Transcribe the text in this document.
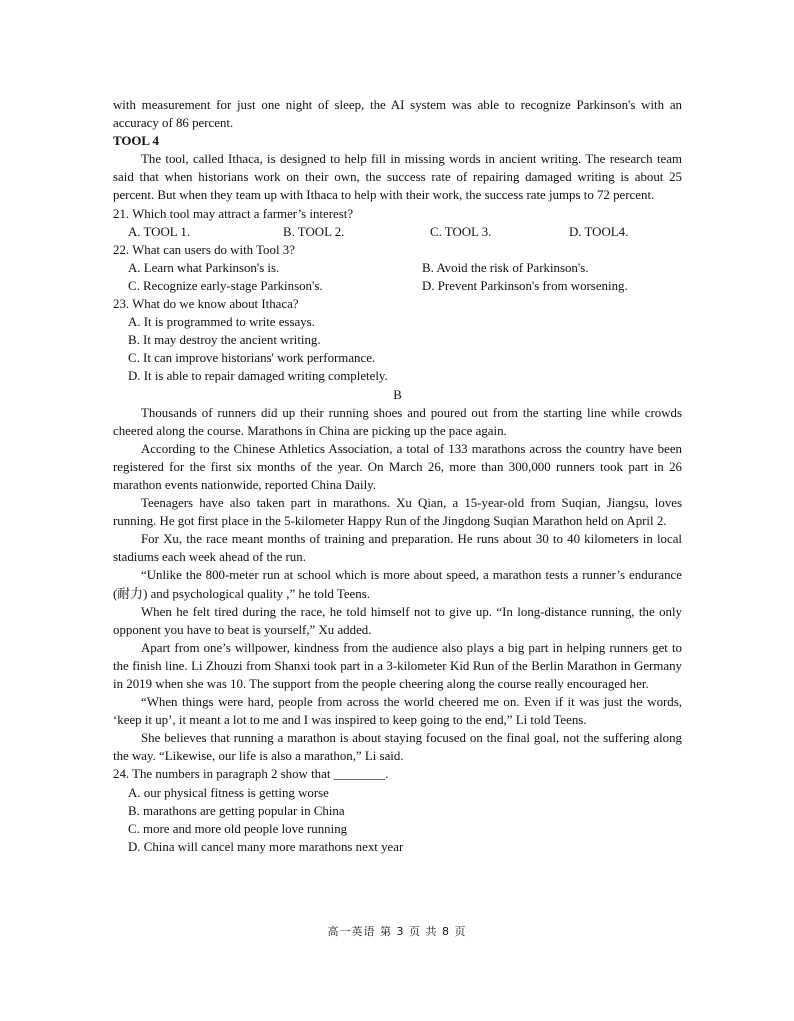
with measurement for just one night of sleep, the AI system was able to recognize Parkinson's with an accuracy of 86 percent.

TOOL 4

The tool, called Ithaca, is designed to help fill in missing words in ancient writing. The research team said that when historians work on their own, the success rate of repairing damaged writing is about 25 percent. But when they team up with Ithaca to help with their work, the success rate jumps to 72 percent.

21. Which tool may attract a farmer’s interest?

A. TOOL 1.	B. TOOL 2.	C. TOOL 3.	D. TOOL4.

22. What can users do with Tool 3?

A. Learn what Parkinson's is.	B. Avoid the risk of Parkinson's.
C. Recognize early-stage Parkinson's.	D. Prevent Parkinson's from worsening.

23. What do we know about Ithaca?

A. It is programmed to write essays.

B. It may destroy the ancient writing.

C. It can improve historians' work performance.

D. It is able to repair damaged writing completely.

B

Thousands of runners did up their running shoes and poured out from the starting line while crowds cheered along the course. Marathons in China are picking up the pace again.

According to the Chinese Athletics Association, a total of 133 marathons across the country have been registered for the first six months of the year. On March 26, more than 300,000 runners took part in 26 marathon events nationwide, reported China Daily.

Teenagers have also taken part in marathons. Xu Qian, a 15-year-old from Suqian, Jiangsu, loves running. He got first place in the 5-kilometer Happy Run of the Jingdong Suqian Marathon held on April 2.

For Xu, the race meant months of training and preparation. He runs about 30 to 40 kilometers in local stadiums each week ahead of the run.

“Unlike the 800-meter run at school which is more about speed, a marathon tests a runner’s endurance (耐力) and psychological quality ,” he told Teens.

When he felt tired during the race, he told himself not to give up. “In long-distance running, the only opponent you have to beat is yourself,” Xu added.

Apart from one’s willpower, kindness from the audience also plays a big part in helping runners get to the finish line. Li Zhouzi from Shanxi took part in a 3-kilometer Kid Run of the Berlin Marathon in Germany in 2019 when she was 10. The support from the people cheering along the course really encouraged her.

“When things were hard, people from across the world cheered me on. Even if it was just the words, ‘keep it up’, it meant a lot to me and I was inspired to keep going to the end,” Li told Teens.

She believes that running a marathon is about staying focused on the final goal, not the suffering along the way. “Likewise, our life is also a marathon,” Li said.

24. The numbers in paragraph 2 show that ________.

A. our physical fitness is getting worse

B. marathons are getting popular in China

C. more and more old people love running

D. China will cancel many more marathons next year

高一英语 第 3 页 共 8 页
